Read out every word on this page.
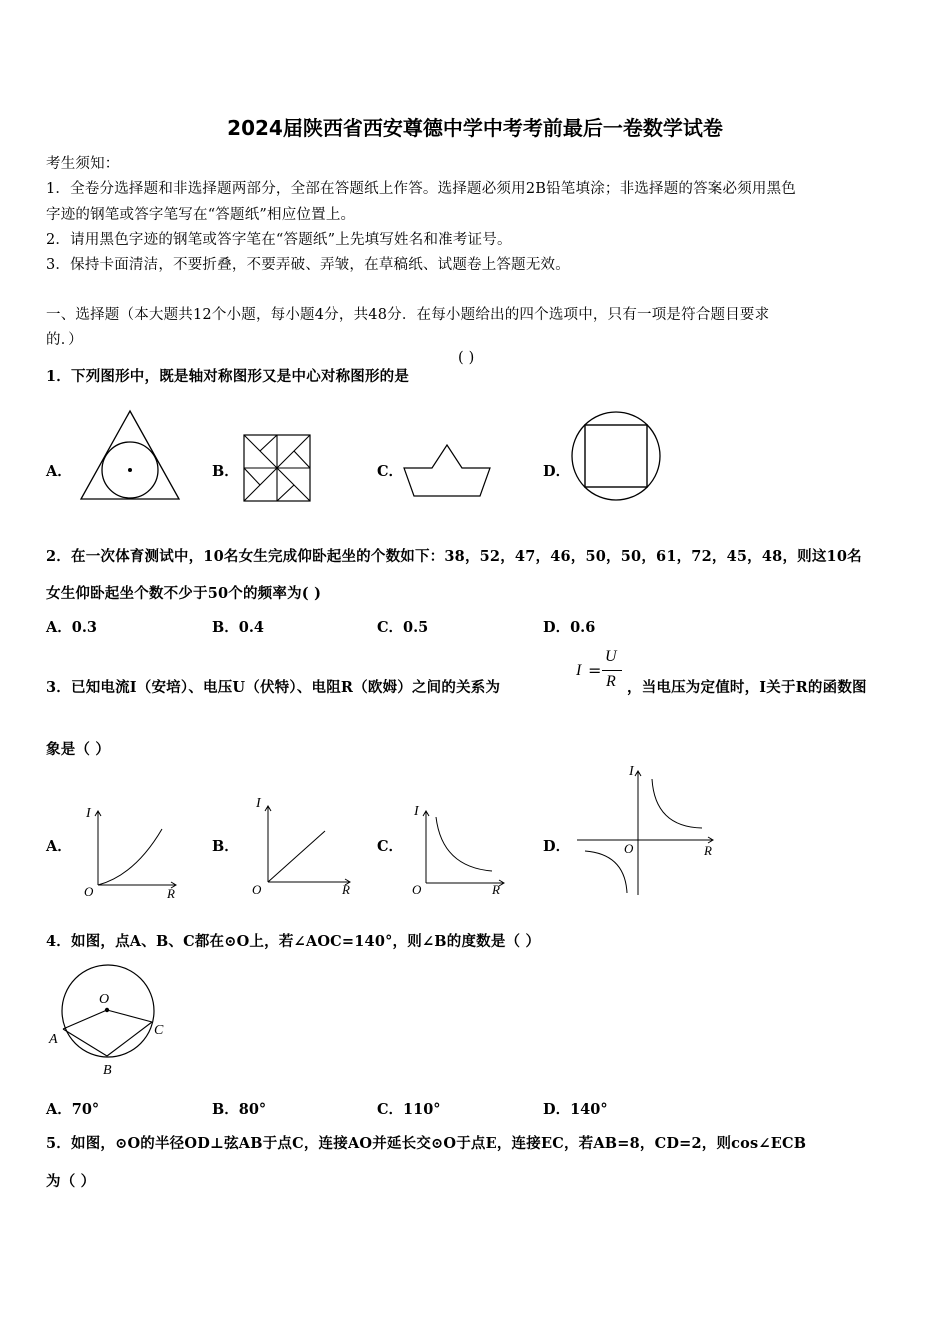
2024届陕西省西安尊德中学中考考前最后一卷数学试卷
考生须知：
1．全卷分选择题和非选择题两部分，全部在答题纸上作答。选择题必须用2B铅笔填涂；非选择题的答案必须用黑色
字迹的钢笔或答字笔写在“答题纸”相应位置上。
2．请用黑色字迹的钢笔或答字笔在“答题纸”上先填写姓名和准考证号。
3．保持卡面清洁，不要折叠，不要弄破、弄皱，在草稿纸、试题卷上答题无效。
一、选择题（本大题共12个小题，每小题4分，共48分．在每小题给出的四个选项中，只有一项是符合题目要求
的．）
1．下列图形中，既是轴对称图形又是中心对称图形的是
( )
A．	B．	C．	D．
2．在一次体育测试中，10名女生完成仰卧起坐的个数如下：38，52，47，46，50，50，61，72，45，48，则这10名
女生仰卧起坐个数不少于50个的频率为( )
A．0.3	B．0.4	C．0.5	D．0.6
3．已知电流I（安培）、电压U（伏特）、电阻R（欧姆）之间的关系为
I =
U
R ，当电压为定值时，I关于R的函数图
象是（ ）
A．
I
O	R
B．
I
O	R
C．
I
O	R
D．
I
O	R
4．如图，点A、B、C都在⊙O上，若∠AOC=140°，则∠B的度数是（ ）
O
A
B
C
A．70°	B．80°	C．110°	D．140°
5．如图，⊙O的半径OD⊥弦AB于点C，连接AO并延长交⊙O于点E，连接EC，若AB=8，CD=2，则cos∠ECB
为（ ）
